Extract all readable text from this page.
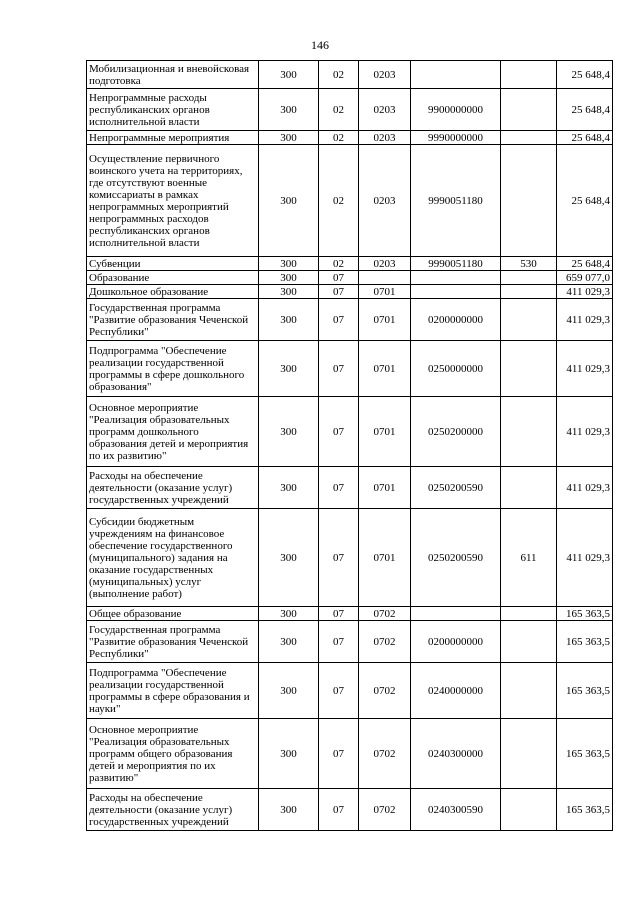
146
Мобилизационная и вневойсковая подготовка	300	02	0203			25 648,4
Непрограммные расходы республиканских органов исполнительной власти	300	02	0203	9900000000		25 648,4
Непрограммные мероприятия	300	02	0203	9990000000		25 648,4
Осуществление первичного воинского учета на территориях, где отсутствуют военные комиссариаты в рамках непрограммных мероприятий непрограммных расходов республиканских органов исполнительной власти	300	02	0203	9990051180		25 648,4
Субвенции	300	02	0203	9990051180	530	25 648,4
Образование	300	07				659 077,0
Дошкольное образование	300	07	0701			411 029,3
Государственная программа "Развитие образования Чеченской Республики"	300	07	0701	0200000000		411 029,3
Подпрограмма "Обеспечение реализации государственной программы в сфере дошкольного образования"	300	07	0701	0250000000		411 029,3
Основное мероприятие "Реализация образовательных программ дошкольного образования детей и мероприятия по их развитию"	300	07	0701	0250200000		411 029,3
Расходы на обеспечение деятельности (оказание услуг) государственных учреждений	300	07	0701	0250200590		411 029,3
Субсидии бюджетным учреждениям на финансовое обеспечение государственного (муниципального) задания на оказание государственных (муниципальных) услуг (выполнение работ)	300	07	0701	0250200590	611	411 029,3
Общее образование	300	07	0702			165 363,5
Государственная программа "Развитие образования Чеченской Республики"	300	07	0702	0200000000		165 363,5
Подпрограмма "Обеспечение реализации государственной программы в сфере образования и науки"	300	07	0702	0240000000		165 363,5
Основное мероприятие "Реализация образовательных программ общего образования детей и мероприятия по их развитию"	300	07	0702	0240300000		165 363,5
Расходы на обеспечение деятельности (оказание услуг) государственных учреждений	300	07	0702	0240300590		165 363,5
